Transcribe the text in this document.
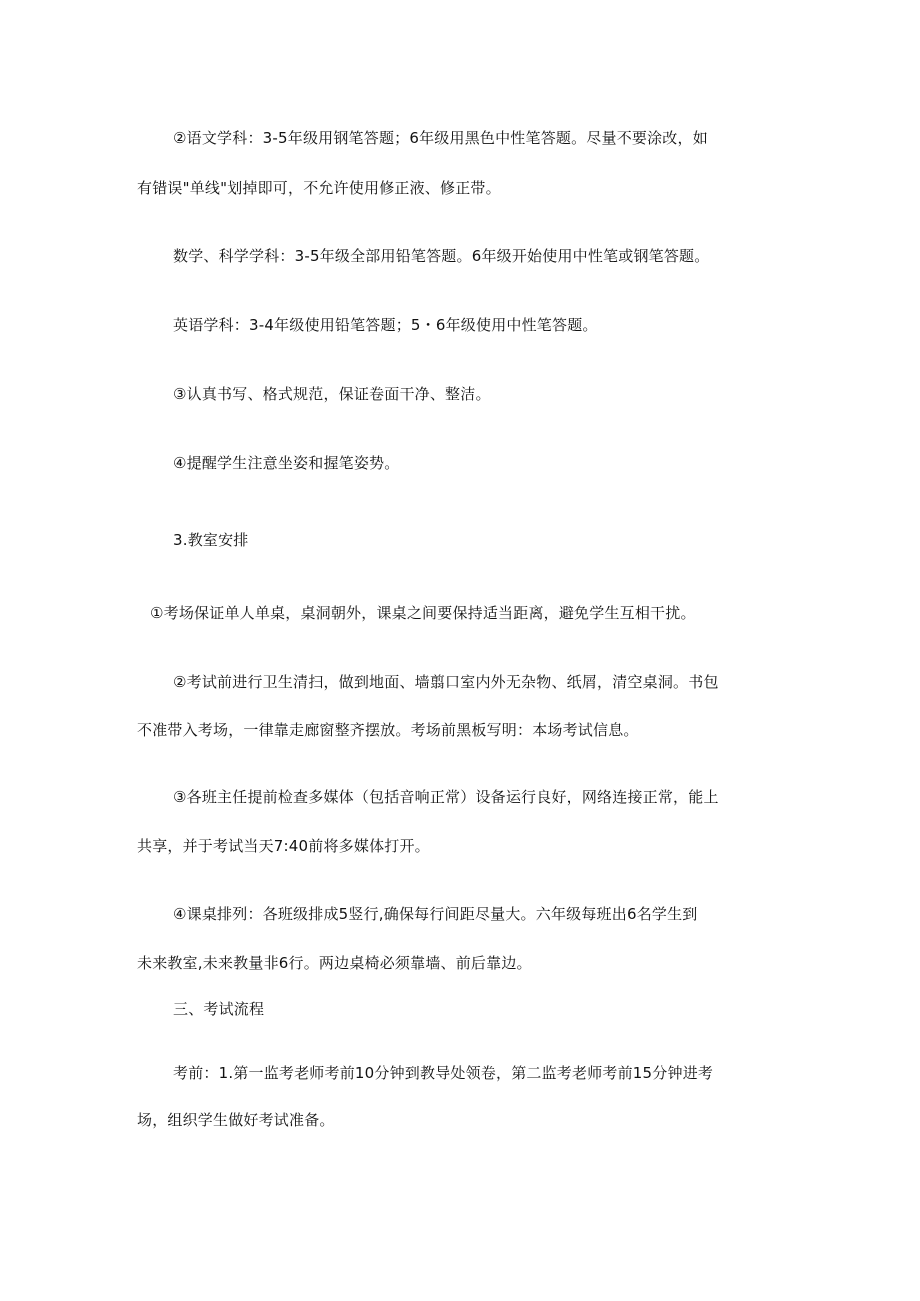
②语文学科：3-5年级用钢笔答题；6年级用黑色中性笔答题。尽量不要涂改，如
有错误"单线"划掉即可，不允许使用修正液、修正带。
数学、科学学科：3-5年级全部用铅笔答题。6年级开始使用中性笔或钢笔答题。
英语学科：3-4年级使用铅笔答题；5・6年级使用中性笔答题。
③认真书写、格式规范，保证卷面干净、整洁。
④提醒学生注意坐姿和握笔姿势。
3.教室安排
①考场保证单人单桌，桌洞朝外，课桌之间要保持适当距离，避免学生互相干扰。
②考试前进行卫生清扫，做到地面、墙翦口室内外无杂物、纸屑，清空桌洞。书包
不准带入考场，一律靠走廊窗整齐摆放。考场前黑板写明：本场考试信息。
③各班主任提前检查多媒体（包括音响正常）设备运行良好，网络连接正常，能上
共享，并于考试当天7:40前将多媒体打开。
④课桌排列：各班级排成5竖行,确保每行间距尽量大。六年级每班出6名学生到
未来教室,未来教量非6行。两边桌椅必须靠墙、前后靠边。
三、考试流程
考前：1.第一监考老师考前10分钟到教导处领卷，第二监考老师考前15分钟进考
场，组织学生做好考试准备。
